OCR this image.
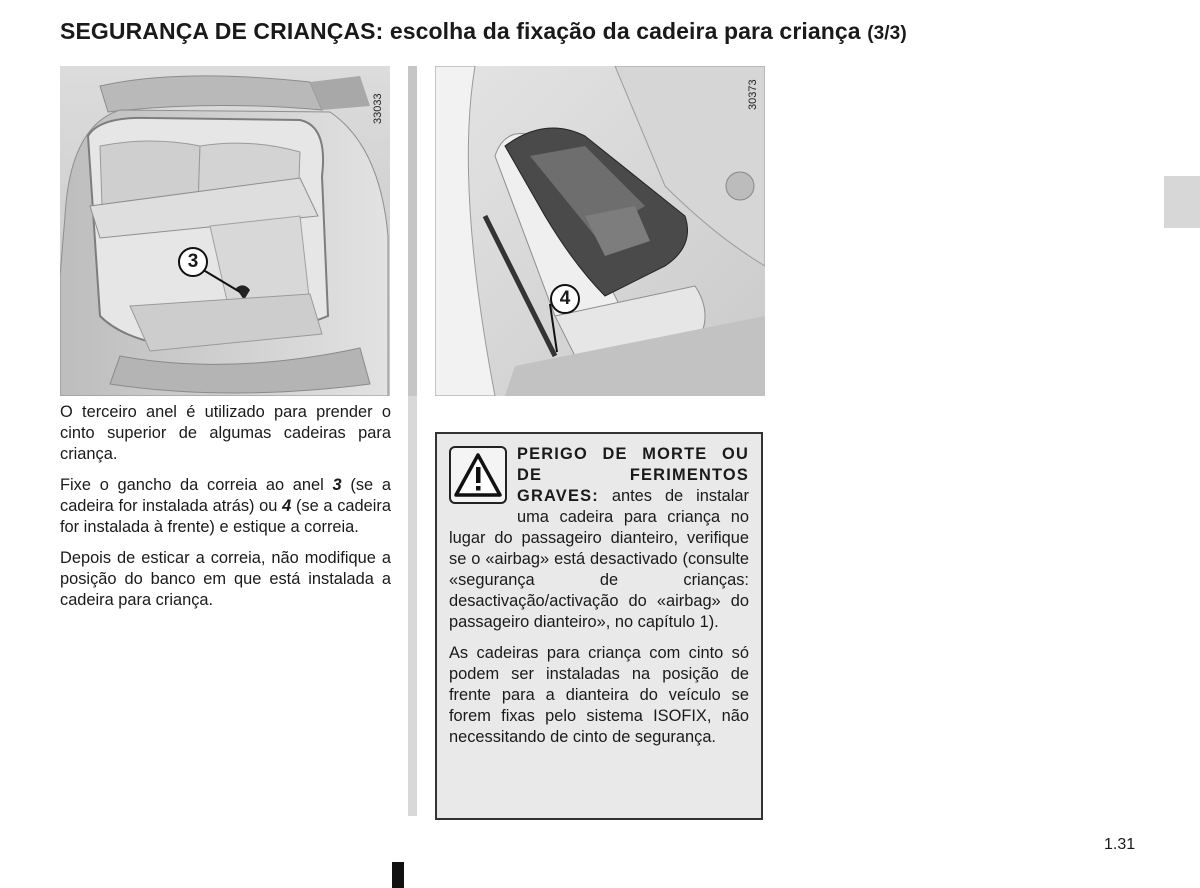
SEGURANÇA DE CRIANÇAS: escolha da fixação da cadeira para criança (3/3)
33033
3
30373
4

O terceiro anel é utilizado para prender o cinto superior de algumas cadeiras para criança.

Fixe o gancho da correia ao anel 3 (se a cadeira for instalada atrás) ou 4 (se a cadeira for instalada à frente) e estique a correia.

Depois de esticar a correia, não modifique a posição do banco em que está instalada a cadeira para criança.

PERIGO DE MORTE OU DE FERIMENTOS GRAVES: antes de instalar uma cadeira para criança no lugar do passageiro dianteiro, verifique se o «airbag» está desactivado (consulte «segurança de crianças: desactivação/activação do «airbag» do passageiro dianteiro», no capítulo 1).

As cadeiras para criança com cinto só podem ser instaladas na posição de frente para a dianteira do veículo se forem fixas pelo sistema ISOFIX, não necessitando de cinto de segurança.

1.31
